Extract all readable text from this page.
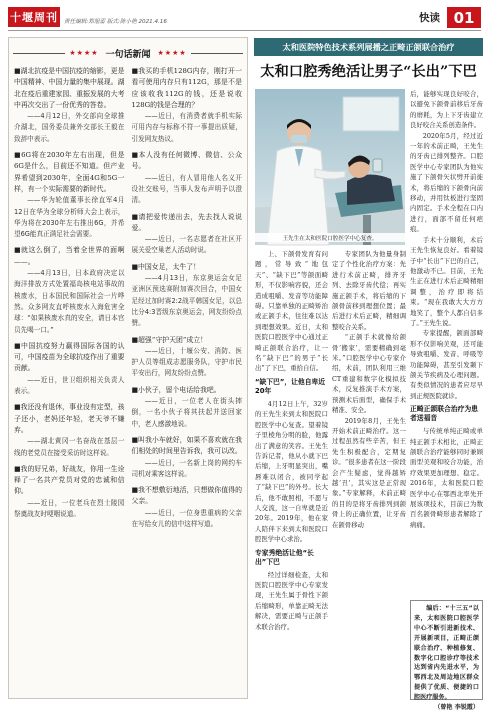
十堰周刊	责任编辑:郑旭雷 版式:陈小艳 2021.4.16	快读 01
★★★★ 一句话新闻	★★★★

■湖北抗疫是中国抗疫的缩影，更是中国精神、中国力量的集中展现。湖北在疫后重建家园、重振发展的大考中再次交出了一份优秀的答卷。

——4月12日，外交部向全球推介湖北，国务委员兼外交部长王毅在致辞中表示。

■6G将在2030年左右出现，但是6G是什么，目前还不知道。但产业界希望到2030年，全面4G和5G一样，有一个实际需要的新时代。

——华为轮值董事长徐直军4月12日在华为全球分析师大会上表示，华为将在2030年左右推出6G，并希望6G能真正满足社会需要。

■就这么倒了，当着全世界的面啊——。

——4月13日，日本政府决定以海洋排放方式处置福岛核电站事故的核废水，日本国民和国际社会一片哗然。众多网友直呼核废水入海危害全球：“如果核废水真的安全，请日本官员先喝一口。”

■中国抗疫努力赢得国际各国的认可，中国疫苗为全球抗疫作出了重要贡献。

——近日，世卫组织相关负责人表示。

■我还没有退休，事业没有定型，孩子还小，老妈还年轻，老天爷不嫌弃。

——湖北黄冈一名奋战在基层一线的老党员在接受采访时这样说。

■我的好兄弟，好战友，你用一生诠释了一名共产党员对党的忠诚和信仰。

——近日，一位老兵在烈士陵园祭奠战友时哽咽说道。

■我买的手机128G内存，刚打开一看可使用内存只有112G，那是不是应该收我112G的钱，还是说收128G的钱是合理的？

——近日，有消费者就手机实际可用内存与标称不符一事提出质疑，引发网友热议。

■本人没有任何微博、微信、公众号。

——近日，有人冒用他人名义开设社交账号，当事人发布声明予以澄清。

■请把爱传递出去，先去找人说说爱。

——近日，一名志愿者在社区开展关爱空巢老人活动时说。

■中国女足，太牛了！

——4月13日，东京奥运会女足亚洲区预选赛附加赛次回合，中国女足经过加时赛2:2战平韩国女足，以总比分4:3晋级东京奥运会，网友纷纷点赞。

■超强“守护天团”成立！

——近日，十堰公安、消防、医护人员等组成志愿服务队，守护市民平安出行，网友纷纷点赞。

■小伙子，留个电话给我吧。

——近日，一位老人在街头摔倒，一名小伙子将其扶起并送回家中，老人感激地说。

■叫我小车就好，如果不喜欢就在我们相处的时间里告诉我，我可以改。

——近日，一名新上岗的网约车司机对乘客这样说。

■我不想敷衍地活，只想做你值得的父亲。

——近日，一位身患重病的父亲在写给女儿的信中这样写道。

太和医院特色技术系列展播之正畸正颌联合治疗
太和口腔秀绝活让男子“长出”下巴
王先生在太和医院口腔医学中心复查。

上、下颌骨发育有问题，常导致“地包天”、“缺下巴”等颌面畸形，不仅影响容貌，还会造成咀嚼、发音等功能障碍。只靠单独的正畸矫治或正颌手术，往往难以达到理想效果。近日，太和医院口腔医学中心通过正畸正颌联合治疗，让一名“缺下巴”的男子“长出”了下巴，重拾自信。

“缺下巴”，让他自卑近20年

4月12日上午，32岁的王先生来到太和医院口腔医学中心复查。望着镜子里棱角分明的脸，他露出了满意的笑容。王先生告诉记者，他从小就下巴后缩，上牙明显突出，嘴唇难以闭合，被同学起了“缺下巴”的外号。长大后，他不敢照相，不愿与人交流，这一自卑就是近20年。2019年，他在家人陪伴下来到太和医院口腔医学中心求治。

专家秀绝活让他“长出”下巴

经过详细检查，太和医院口腔医学中心专家发现，王先生属于骨性下颌后缩畸形，单靠正畸无法解决，需要正畸与正颌手术联合治疗。

专家团队为他量身制定了个性化治疗方案：先进行术前正畸，排齐牙列、去除牙齿代偿；再实施正颌手术，将后缩的下颌骨前移到理想位置；最后进行术后正畸，精细调整咬合关系。

“正颌手术就像给颌骨‘搬家’，需要精确到毫米。”口腔医学中心专家介绍，术前，团队利用三维CT重建和数字化模拟技术，反复推演手术方案，预测术后面型，确保手术精准、安全。

2019年8月，王先生开始术前正畸治疗。这一过程虽然有些辛苦，但王先生积极配合，定期复诊。“很多患者在这一阶段会产生疑虑，觉得越矫越‘丑’，其实这是正常现象。”专家解释，术前正畸的目的是将牙齿排列到颌骨上的正确位置，让牙齿在颌骨移动

后，能够实现良好咬合，以避免下颌骨前移后牙齿的磨耗，为上下牙齿建立良好咬合关系创造条件。

2020年5月，经过近一年的术前正畸，王先生的牙齿已排列整齐。口腔医学中心专家团队为他实施了下颌骨矢状劈开前徙术，将后缩的下颌骨向前移动，并用钛板进行坚固内固定。手术全程在口内进行，面部不留任何疤痕。

手术十分顺利，术后王先生恢复良好。看着镜子中“长出”下巴的自己，他激动不已。目前，王先生正在进行术后正畸精细调整，治疗即将结束。“现在我敢大大方方地笑了，整个人都自信多了。”王先生说。

专家提醒，颌面部畸形不仅影响美观，还可能导致咀嚼、发音、呼吸等功能障碍，甚至引发颞下颌关节疾病及心理问题。有类似情况的患者应尽早到正规医院就诊。

正畸正颌联合治疗为患者送福音

与传统单纯正畸或单纯正颌手术相比，正畸正颌联合治疗能够同时兼顾面型美观和咬合功能，治疗效果更加理想、稳定。2016年，太和医院口腔医学中心在鄂西北率先开展该项技术，目前已为数百名颌骨畸形患者解除了病痛。

编后：“十三五”以来，太和医院口腔医学中心不断引进新技术、开展新项目，正畸正颌联合治疗、种植修复、数字化口腔诊疗等技术达到省内先进水平，为鄂西北及周边地区群众提供了优质、便捷的口腔医疗服务。

（曾艳 李锐霞）
